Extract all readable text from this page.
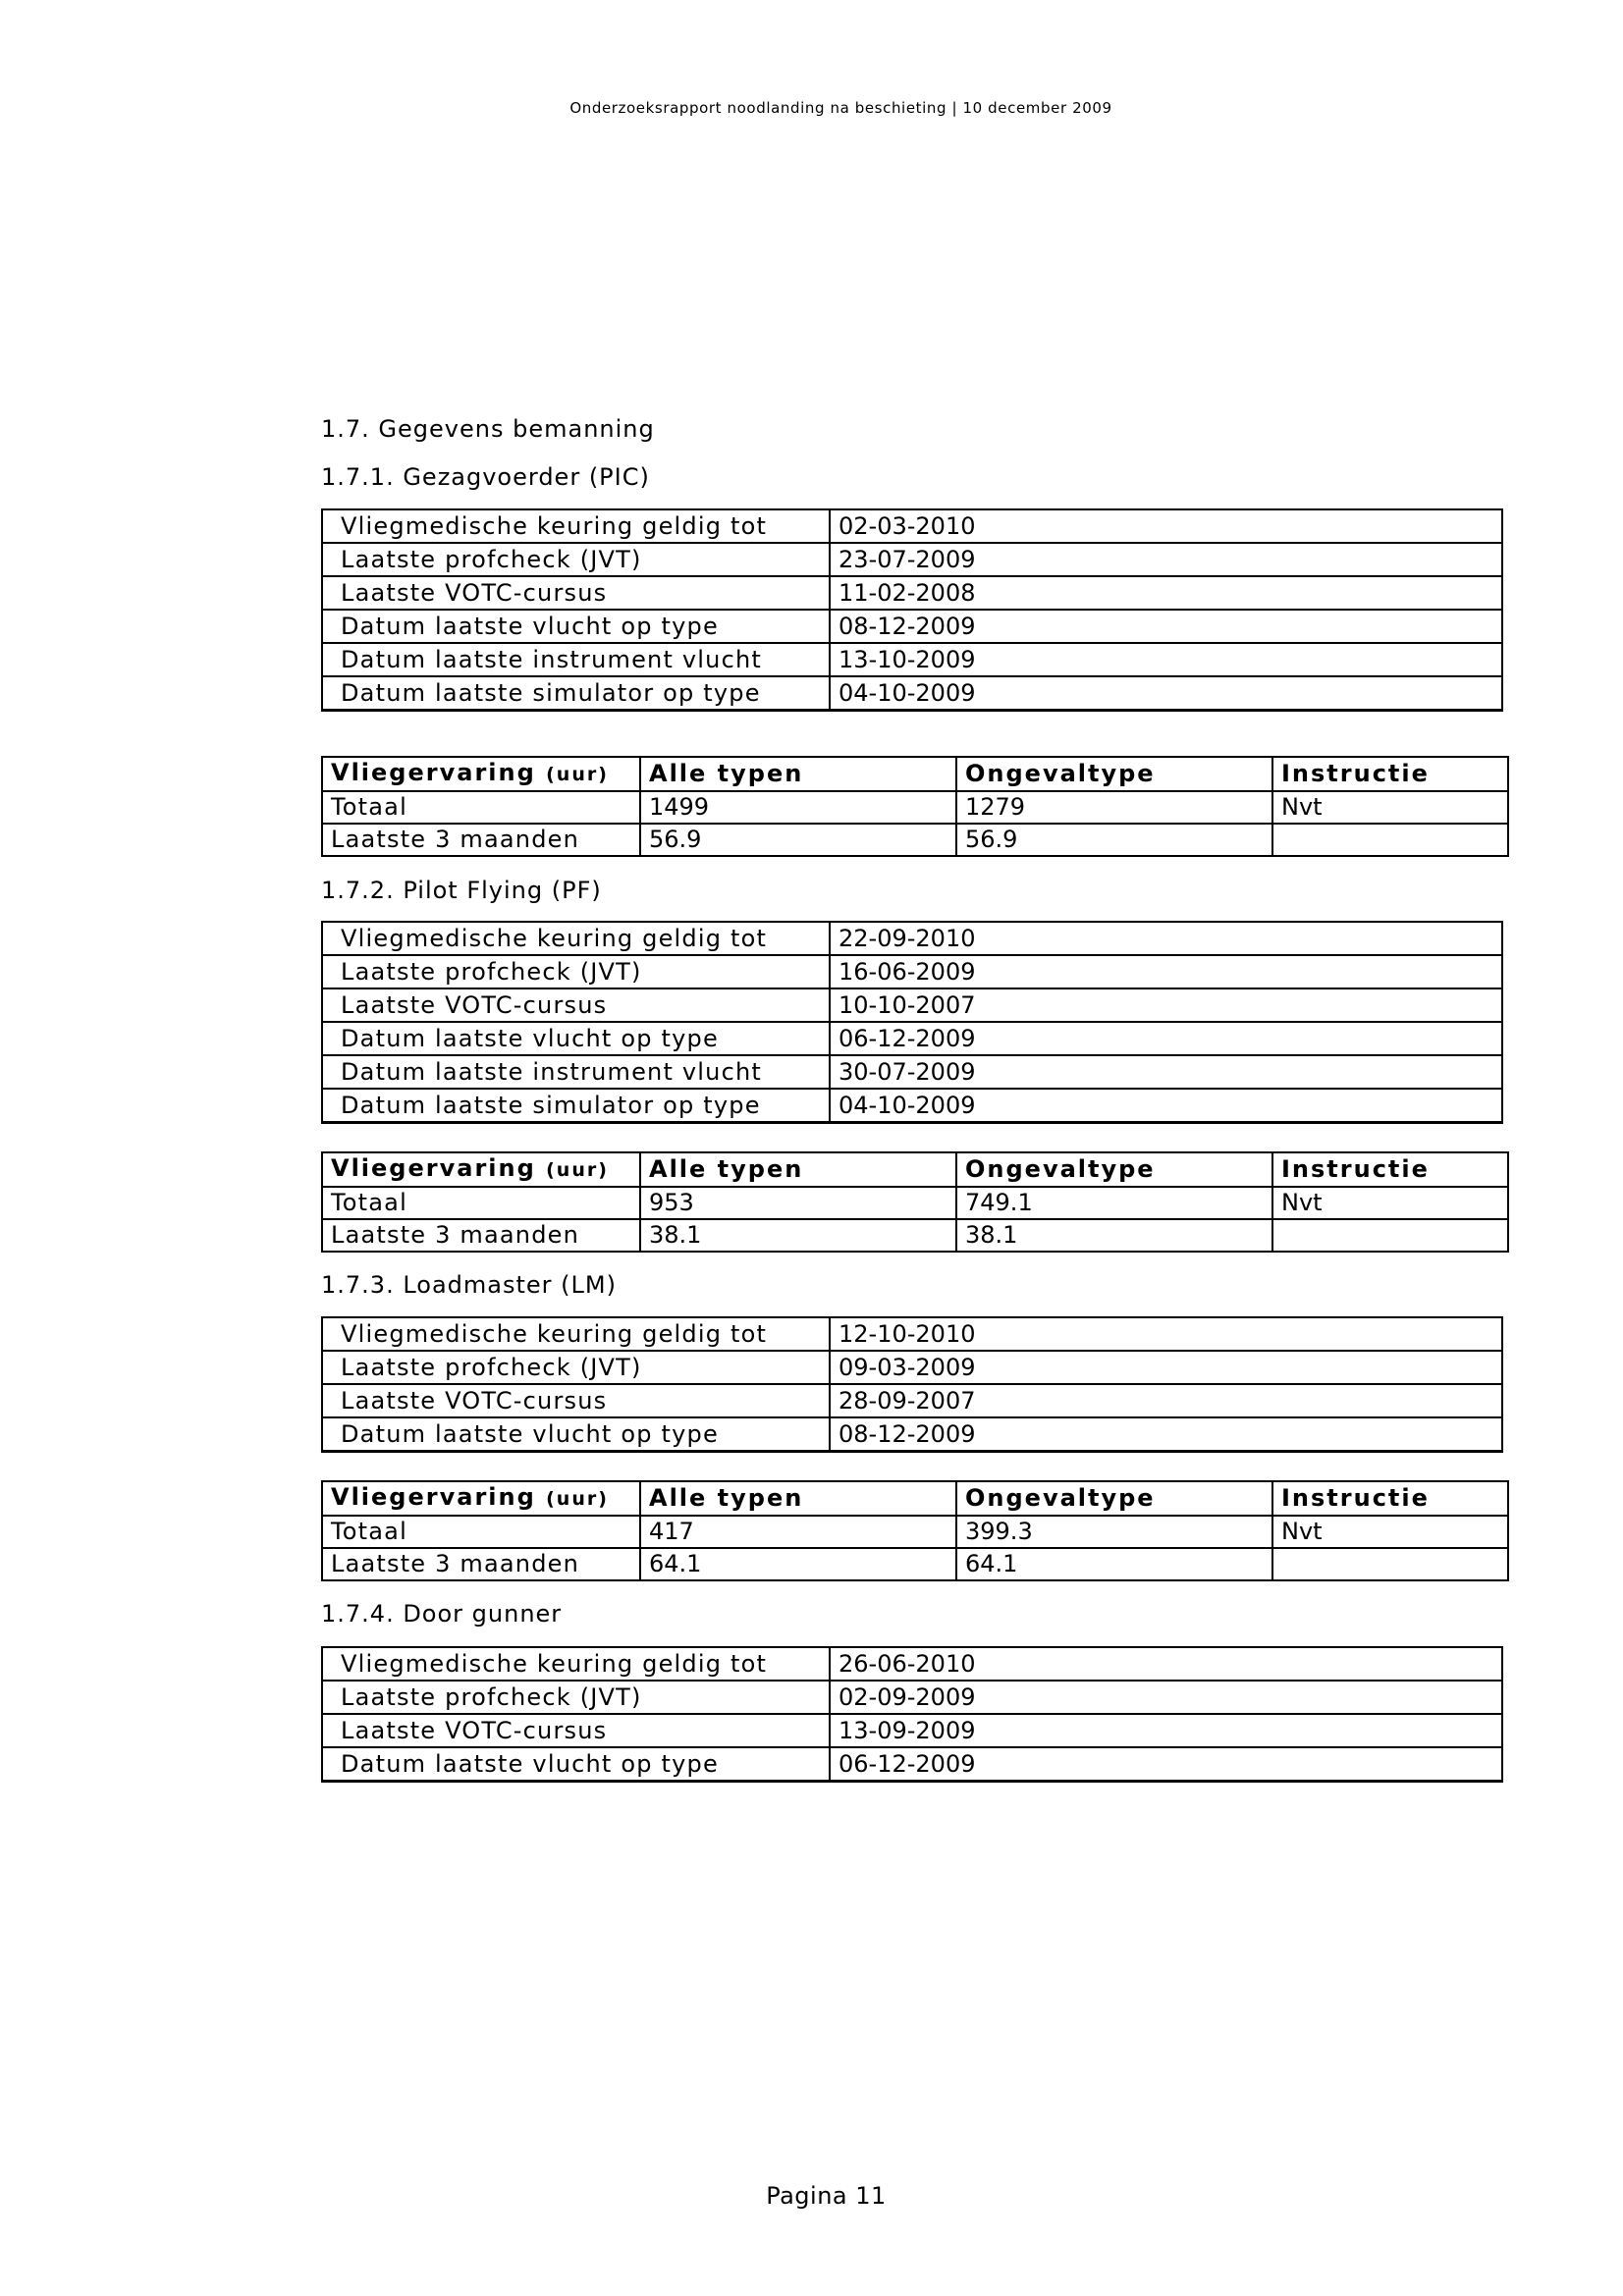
Onderzoeksrapport noodlanding na beschieting | 10 december 2009
1.7. Gegevens bemanning
1.7.1. Gezagvoerder (PIC)
Vliegmedische keuring geldig tot	02-03-2010
Laatste profcheck (JVT)	23-07-2009
Laatste VOTC-cursus	11-02-2008
Datum laatste vlucht op type	08-12-2009
Datum laatste instrument vlucht	13-10-2009
Datum laatste simulator op type	04-10-2009
Vliegervaring (uur)	Alle typen	Ongevaltype	Instructie
Totaal	1499	1279	Nvt
Laatste 3 maanden	56.9	56.9	
1.7.2. Pilot Flying (PF)
Vliegmedische keuring geldig tot	22-09-2010
Laatste profcheck (JVT)	16-06-2009
Laatste VOTC-cursus	10-10-2007
Datum laatste vlucht op type	06-12-2009
Datum laatste instrument vlucht	30-07-2009
Datum laatste simulator op type	04-10-2009
Vliegervaring (uur)	Alle typen	Ongevaltype	Instructie
Totaal	953	749.1	Nvt
Laatste 3 maanden	38.1	38.1	
1.7.3. Loadmaster (LM)
Vliegmedische keuring geldig tot	12-10-2010
Laatste profcheck (JVT)	09-03-2009
Laatste VOTC-cursus	28-09-2007
Datum laatste vlucht op type	08-12-2009
Vliegervaring (uur)	Alle typen	Ongevaltype	Instructie
Totaal	417	399.3	Nvt
Laatste 3 maanden	64.1	64.1	
1.7.4. Door gunner
Vliegmedische keuring geldig tot	26-06-2010
Laatste profcheck (JVT)	02-09-2009
Laatste VOTC-cursus	13-09-2009
Datum laatste vlucht op type	06-12-2009
Pagina 11
